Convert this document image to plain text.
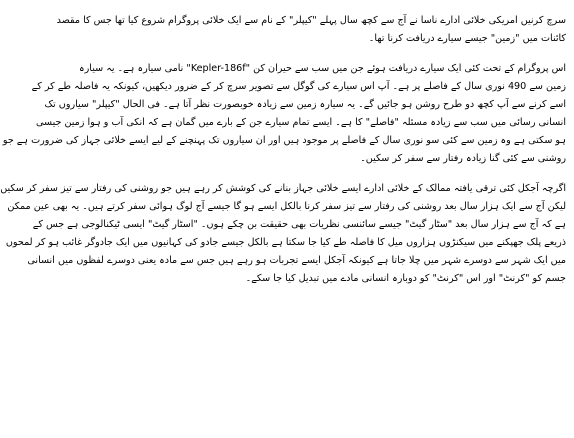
سرچ کرنیں امریکی خلائی ادارے ناسا نے آج سے کچھ سال پہلے "کیپلر" کے نام سے ایک خلائی پروگرام شروع کیا تھا جس کا مقصد
کائنات میں "زمین" جیسے سیارے دریافت کرنا تھا۔
اس پروگرام کے تحت کئی ایک سیارے دریافت ہوئے جن میں سب سے حیران کن "Kepler-186f" نامی سیارہ ہے۔ یہ سیارہ
زمین سے 490 نوری سال کے فاصلے پر ہے۔ آپ اس سیارے کی گوگل سے تصویر سرچ کر کے ضرور دیکھیں، کیونکہ یہ فاصلہ طے کر کے
اسے کرنے سے آپ کچھ دو طرح روشن ہو جائیں گے۔ یہ سیارہ زمین سے زیادہ خوبصورت نظر آتا ہے۔ فی الحال "کیپلر" سیاروں تک
انسانی رسائی میں سب سے زیادہ مسئلہ "فاصلے" کا ہے۔ ایسے تمام سیارے جن کے بارے میں گمان ہے کہ انکی آب و ہوا زمین جیسی
ہو سکتی ہے وہ زمین سے کئی سو نوری سال کے فاصلے پر موجود ہیں اور ان سیاروں تک پہنچنے کے لیے ایسے خلائی جہاز کی ضرورت ہے جو
روشنی سے کئی گنا زیادہ رفتار سے سفر کر سکیں۔
اگرچہ آجکل کئی ترقی یافتہ ممالک کے خلائی ادارے ایسے خلائی جہاز بنانے کی کوشش کر رہے ہیں جو روشنی کی رفتار سے تیز سفر کر سکیں
لیکن آج سے ایک ہزار سال بعد روشنی کی رفتار سے تیز سفر کرنا بالکل ایسے ہو گا جیسے آج لوگ ہوائی سفر کرتے ہیں۔ یہ بھی عین ممکن
ہے کہ آج سے ہزار سال بعد "سٹار گیٹ" جیسے سائنسی نظریات بھی حقیقت بن چکے ہوں۔ "اسٹار گیٹ" ایسی ٹیکنالوجی ہے جس کے
ذریعے پلک جھپکنے میں سیکنڑوں ہزاروں میل کا فاصلہ طے کیا جا سکتا ہے بالکل جیسے جادو کی کہانیوں میں ایک جادوگر غائب ہو کر لمحوں
میں ایک شہر سے دوسرے شہر میں چلا جاتا ہے کیونکہ آجکل ایسے تجربات ہو رہے ہیں جس سے مادہ یعنی دوسرے لفظوں میں انسانی
جسم کو "کرنٹ" اور اس "کرنٹ" کو دوبارہ انسانی مادے میں تبدیل کیا جا سکے۔
